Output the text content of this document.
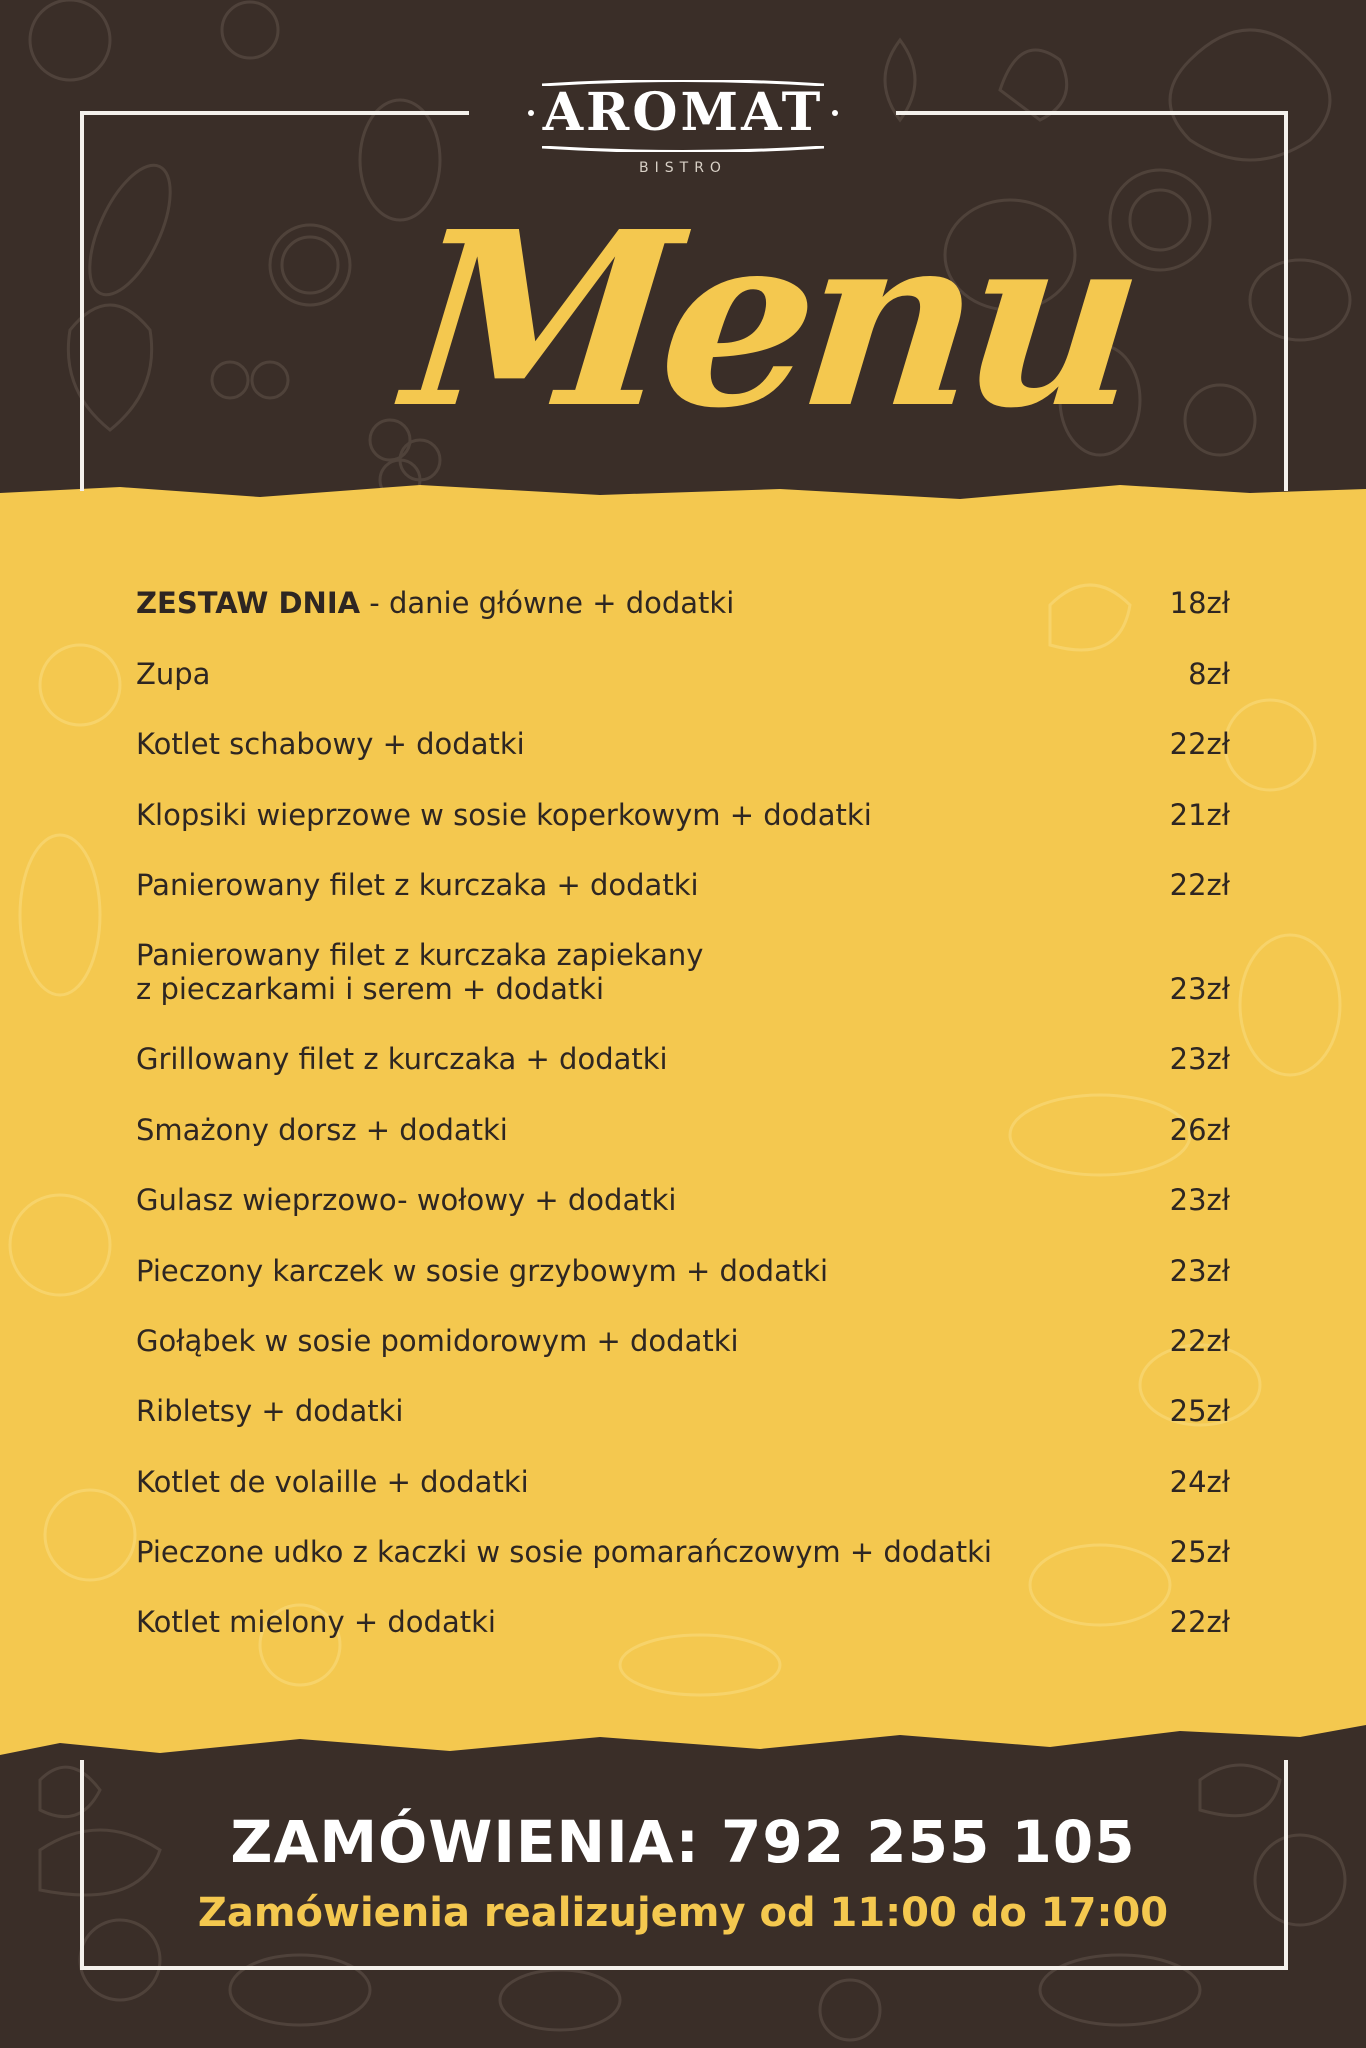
AROMAT
BISTRO
Menu
ZESTAW DNIA - danie główne + dodatki	18zł
Zupa	8zł
Kotlet schabowy + dodatki	22zł
Klopsiki wieprzowe w sosie koperkowym + dodatki	21zł
Panierowany filet z kurczaka + dodatki	22zł
Panierowany filet z kurczaka zapiekany
z pieczarkami i serem + dodatki	23zł
Grillowany filet z kurczaka + dodatki	23zł
Smażony dorsz + dodatki	26zł
Gulasz wieprzowo- wołowy + dodatki	23zł
Pieczony karczek w sosie grzybowym + dodatki	23zł
Gołąbek w sosie pomidorowym + dodatki	22zł
Ribletsy + dodatki	25zł
Kotlet de volaille + dodatki	24zł
Pieczone udko z kaczki w sosie pomarańczowym + dodatki	25zł
Kotlet mielony + dodatki	22zł
ZAMÓWIENIA: 792 255 105
Zamówienia realizujemy od 11:00 do 17:00
